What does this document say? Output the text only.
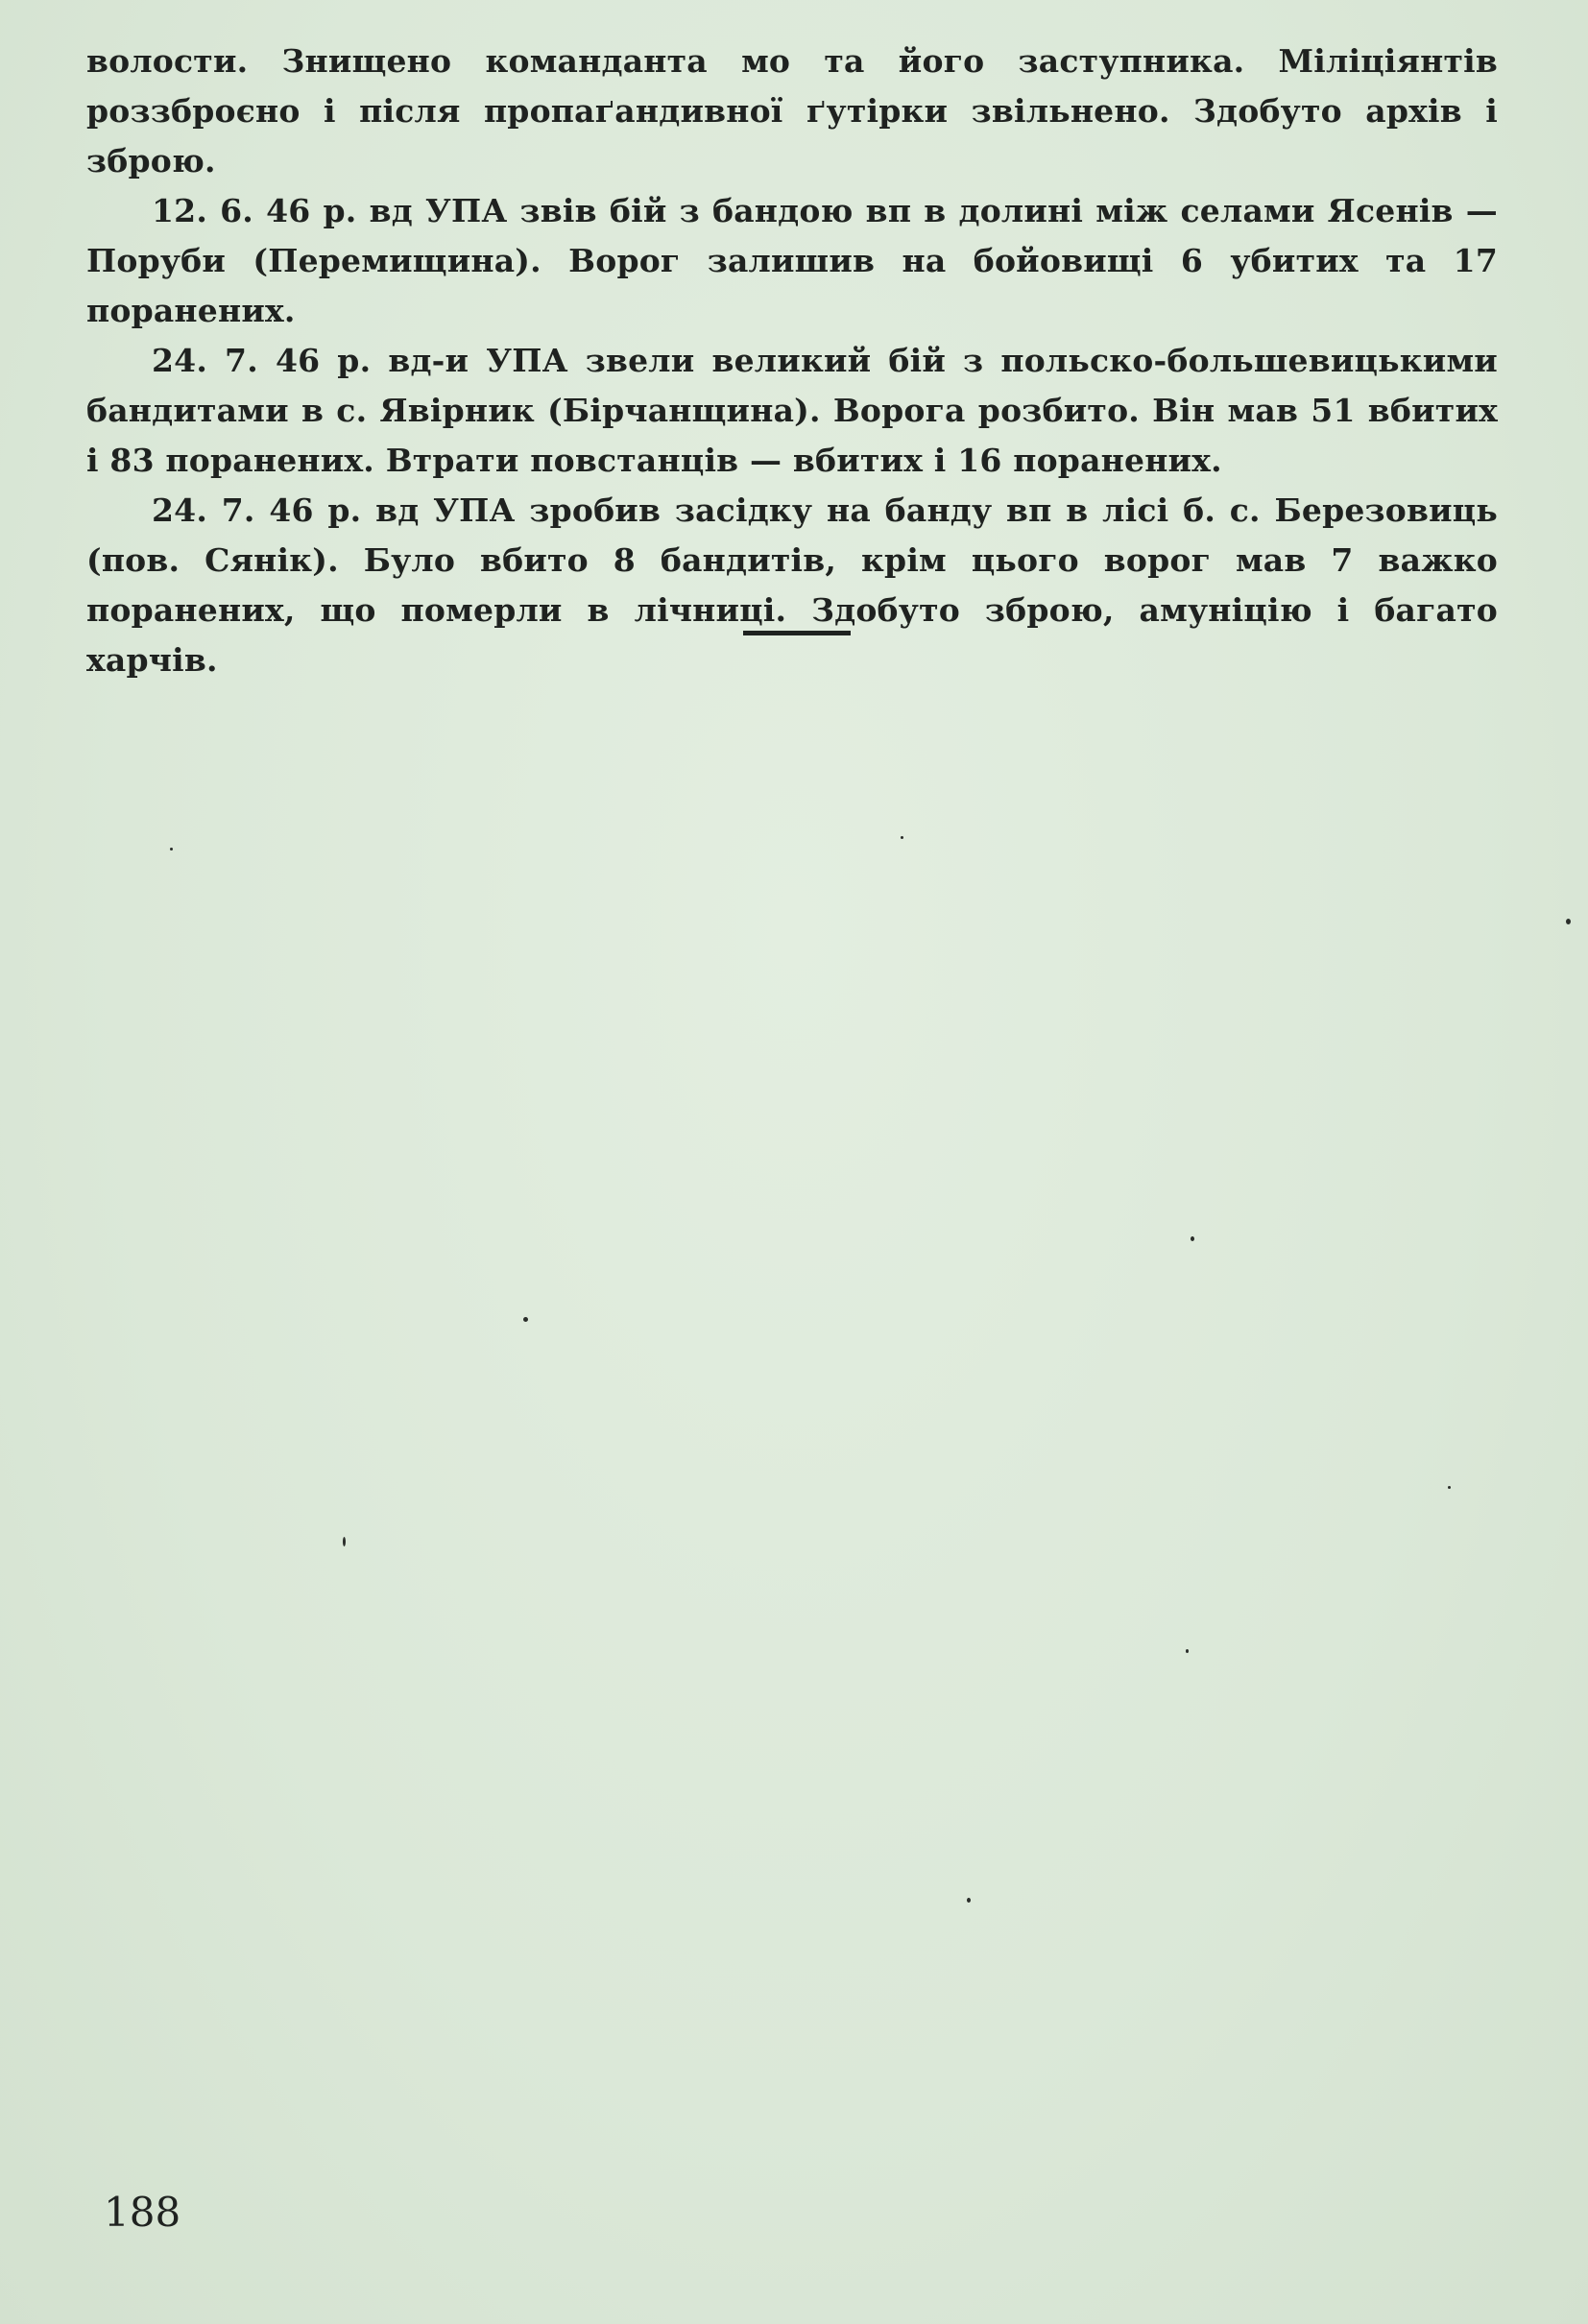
волости. Знищено команданта мо та його заступника. Міліціянтів роззброєно і після пропаґандивної ґутірки звільнено. Здобуто архів і зброю.

12. 6. 46 р. вд УПА звів бій з бандою вп в долині між селами Ясенів —Поруби (Перемищина). Ворог залишив на бойовищі 6 убитих та 17 поранених.

24. 7. 46 р. вд-и УПА звели великий бій з польско-большевицькими бандитами в с. Явірник (Бірчанщина). Ворога розбито. Він мав 51 вбитих і 83 поранених. Втрати повстанців — вбитих і 16 поранених.

24. 7. 46 р. вд УПА зробив засідку на банду вп в лісі б. с. Березовиць (пов. Сянік). Було вбито 8 бандитів, крім цього ворог мав 7 важко поранених, що померли в лічниці. Здобуто зброю, амуніцію і багато харчів.

188
